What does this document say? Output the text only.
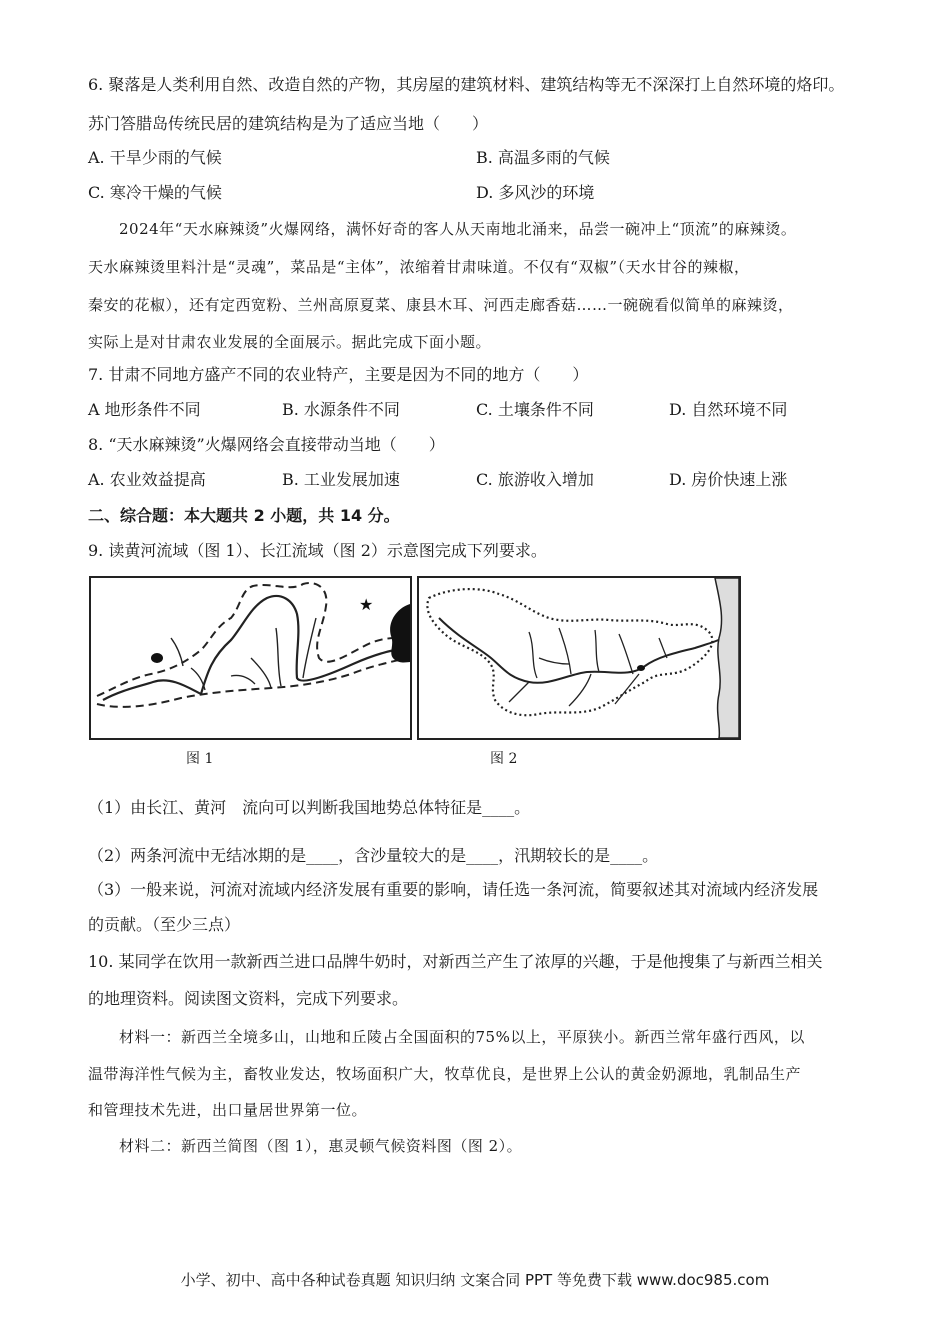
6. 聚落是人类利用自然、改造自然的产物，其房屋的建筑材料、建筑结构等无不深深打上自然环境的烙印。
苏门答腊岛传统民居的建筑结构是为了适应当地（　　）
A. 干旱少雨的气候	B. 高温多雨的气候
C. 寒冷干燥的气候	D. 多风沙的环境
2024年“天水麻辣烫”火爆网络，满怀好奇的客人从天南地北涌来，品尝一碗冲上“顶流”的麻辣烫。
天水麻辣烫里料汁是“灵魂”，菜品是“主体”，浓缩着甘肃味道。不仅有“双椒”（天水甘谷的辣椒，
秦安的花椒），还有定西宽粉、兰州高原夏菜、康县木耳、河西走廊香菇……一碗碗看似简单的麻辣烫，
实际上是对甘肃农业发展的全面展示。据此完成下面小题。
7. 甘肃不同地方盛产不同的农业特产，主要是因为不同的地方（　　）
A 地形条件不同	B. 水源条件不同	C. 土壤条件不同	D. 自然环境不同
8. “天水麻辣烫”火爆网络会直接带动当地（　　）
A. 农业效益提高	B. 工业发展加速	C. 旅游收入增加	D. 房价快速上涨
二、综合题：本大题共 2 小题，共 14 分。
9. 读黄河流域（图 1）、长江流域（图 2）示意图完成下列要求。
★
图 1	图 2
（1）由长江、黄河　流向可以判断我国地势总体特征是____。
（2）两条河流中无结冰期的是____，含沙量较大的是____，汛期较长的是____。
（3）一般来说，河流对流域内经济发展有重要的影响，请任选一条河流，简要叙述其对流域内经济发展
的贡献。（至少三点）
10. 某同学在饮用一款新西兰进口品牌牛奶时，对新西兰产生了浓厚的兴趣，于是他搜集了与新西兰相关
的地理资料。阅读图文资料，完成下列要求。
材料一：新西兰全境多山，山地和丘陵占全国面积的75%以上，平原狭小。新西兰常年盛行西风，以
温带海洋性气候为主，畜牧业发达，牧场面积广大，牧草优良，是世界上公认的黄金奶源地，乳制品生产
和管理技术先进，出口量居世界第一位。
材料二：新西兰简图（图 1），惠灵顿气候资料图（图 2）。
小学、初中、高中各种试卷真题 知识归纳 文案合同 PPT 等免费下载 www.doc985.com
